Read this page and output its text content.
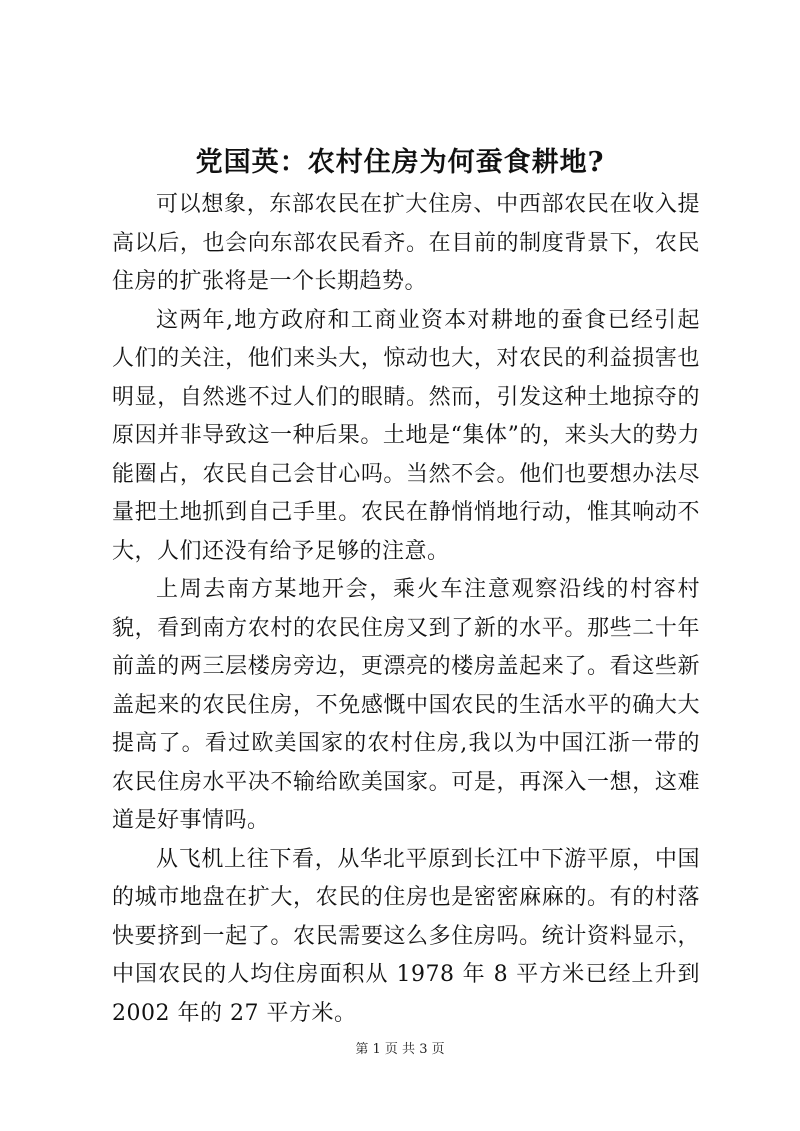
党国英：农村住房为何蚕食耕地?

可以想象，东部农民在扩大住房、中西部农民在收入提高以后，也会向东部农民看齐。在目前的制度背景下，农民住房的扩张将是一个长期趋势。

这两年,地方政府和工商业资本对耕地的蚕食已经引起人们的关注，他们来头大，惊动也大，对农民的利益损害也明显，自然逃不过人们的眼睛。然而，引发这种土地掠夺的原因并非导致这一种后果。土地是“集体”的，来头大的势力能圈占，农民自己会甘心吗。当然不会。他们也要想办法尽量把土地抓到自己手里。农民在静悄悄地行动，惟其响动不大，人们还没有给予足够的注意。

上周去南方某地开会，乘火车注意观察沿线的村容村貌，看到南方农村的农民住房又到了新的水平。那些二十年前盖的两三层楼房旁边，更漂亮的楼房盖起来了。看这些新盖起来的农民住房，不免感慨中国农民的生活水平的确大大提高了。看过欧美国家的农村住房,我以为中国江浙一带的农民住房水平决不输给欧美国家。可是，再深入一想，这难道是好事情吗。

从飞机上往下看，从华北平原到长江中下游平原，中国的城市地盘在扩大，农民的住房也是密密麻麻的。有的村落快要挤到一起了。农民需要这么多住房吗。统计资料显示，中国农民的人均住房面积从 1978 年 8 平方米已经上升到 2002 年的 27 平方米。

第 1 页 共 3 页
